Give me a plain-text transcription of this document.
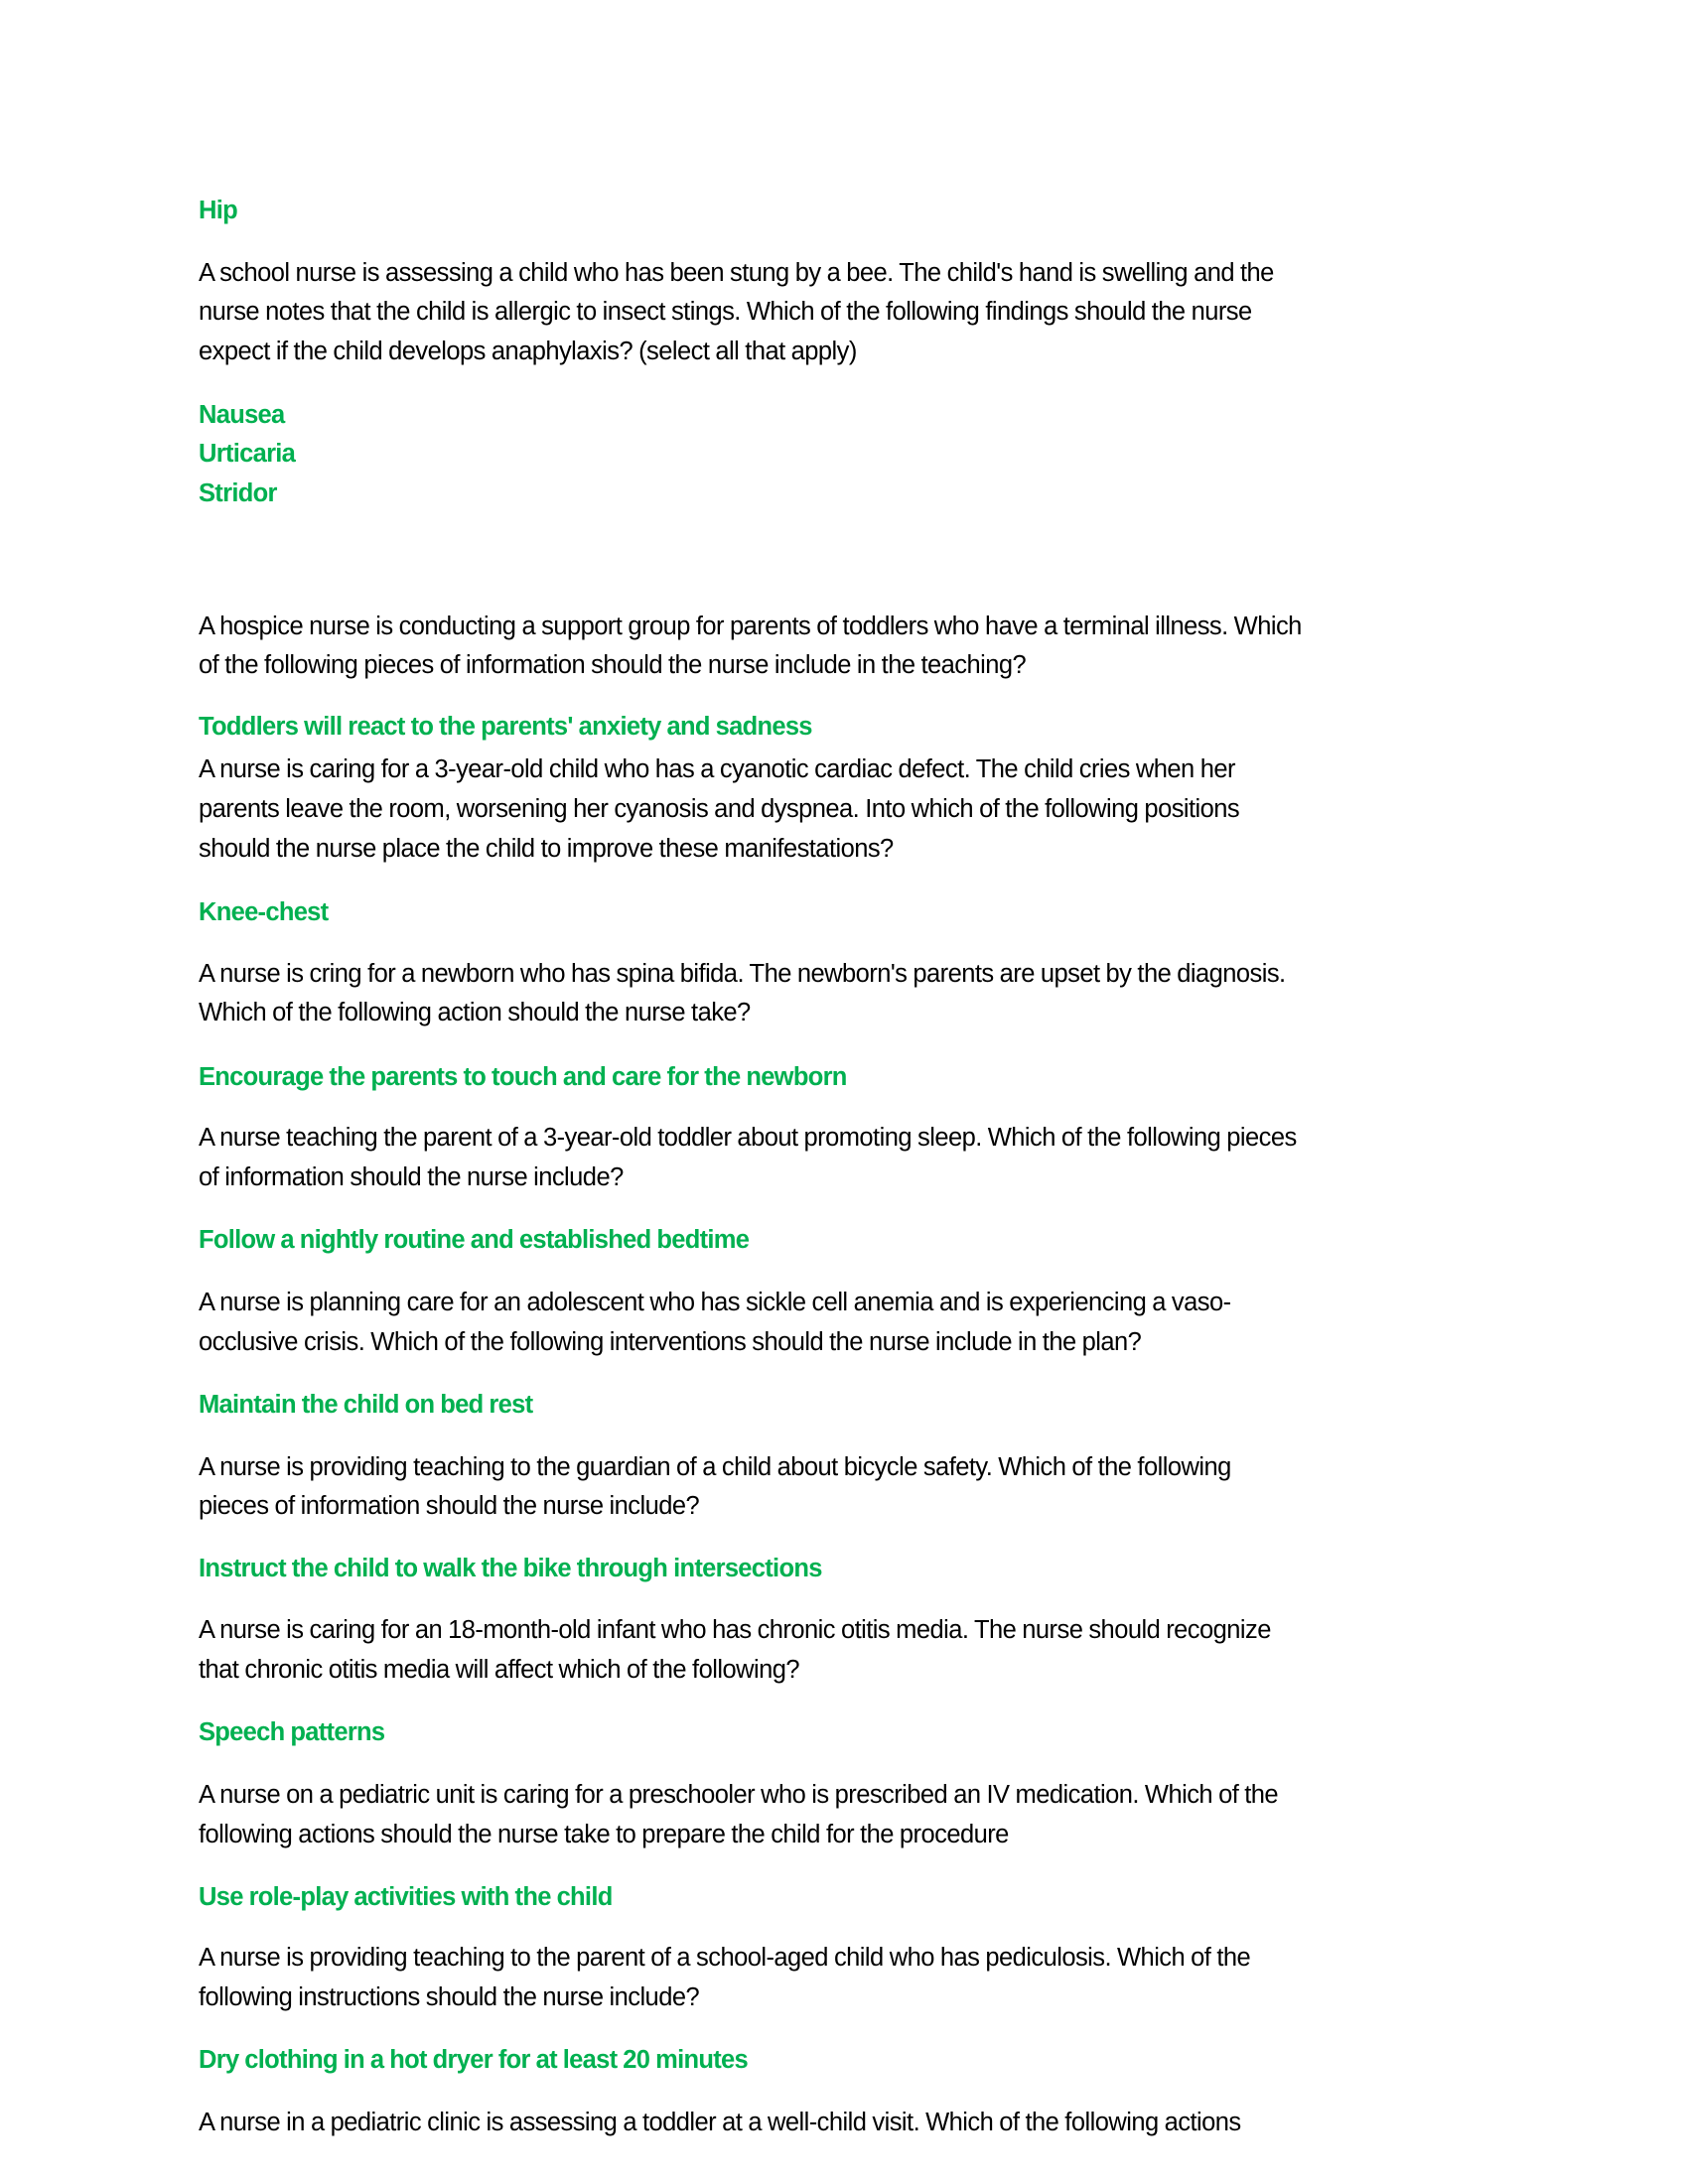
Hip
A school nurse is assessing a child who has been stung by a bee. The child's hand is swelling and the
nurse notes that the child is allergic to insect stings. Which of the following findings should the nurse
expect if the child develops anaphylaxis? (select all that apply)
Nausea
Urticaria
Stridor
A hospice nurse is conducting a support group for parents of toddlers who have a terminal illness. Which
of the following pieces of information should the nurse include in the teaching?
Toddlers will react to the parents' anxiety and sadness
A nurse is caring for a 3-year-old child who has a cyanotic cardiac defect. The child cries when her
parents leave the room, worsening her cyanosis and dyspnea. Into which of the following positions
should the nurse place the child to improve these manifestations?
Knee-chest
A nurse is cring for a newborn who has spina bifida. The newborn's parents are upset by the diagnosis.
Which of the following action should the nurse take?
Encourage the parents to touch and care for the newborn
A nurse teaching the parent of a 3-year-old toddler about promoting sleep. Which of the following pieces
of information should the nurse include?
Follow a nightly routine and established bedtime
A nurse is planning care for an adolescent who has sickle cell anemia and is experiencing a vaso-
occlusive crisis. Which of the following interventions should the nurse include in the plan?
Maintain the child on bed rest
A nurse is providing teaching to the guardian of a child about bicycle safety. Which of the following
pieces of information should the nurse include?
Instruct the child to walk the bike through intersections
A nurse is caring for an 18-month-old infant who has chronic otitis media. The nurse should recognize
that chronic otitis media will affect which of the following?
Speech patterns
A nurse on a pediatric unit is caring for a preschooler who is prescribed an IV medication. Which of the
following actions should the nurse take to prepare the child for the procedure
Use role-play activities with the child
A nurse is providing teaching to the parent of a school-aged child who has pediculosis. Which of the
following instructions should the nurse include?
Dry clothing in a hot dryer for at least 20 minutes
A nurse in a pediatric clinic is assessing a toddler at a well-child visit. Which of the following actions
